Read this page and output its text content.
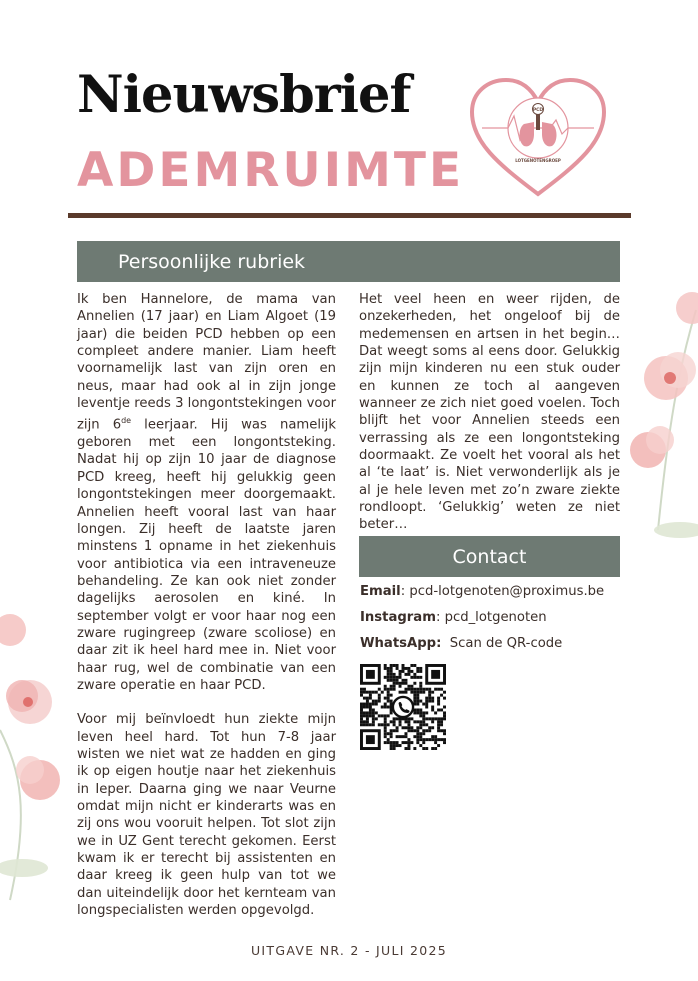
Nieuwsbrief
ADEMRUIMTE
PCD
LOTGENOTENGROEP
Persoonlijke rubriek

Ik ben Hannelore, de mama van Annelien (17 jaar) en Liam Algoet (19 jaar) die beiden PCD hebben op een compleet andere manier. Liam heeft voornamelijk last van zijn oren en neus, maar had ook al in zijn jonge leventje reeds 3 longontstekingen voor zijn 6de leerjaar. Hij was namelijk geboren met een longontsteking. Nadat hij op zijn 10 jaar de diagnose PCD kreeg, heeft hij gelukkig geen longontstekingen meer doorgemaakt. Annelien heeft vooral last van haar longen. Zij heeft de laatste jaren minstens 1 opname in het ziekenhuis voor antibiotica via een intraveneuze behandeling. Ze kan ook niet zonder dagelijks aerosolen en kiné. In september volgt er voor haar nog een zware rugingreep (zware scoliose) en daar zit ik heel hard mee in. Niet voor haar rug, wel de combinatie van een zware operatie en haar PCD.

Voor mij beïnvloedt hun ziekte mijn leven heel hard. Tot hun 7-8 jaar wisten we niet wat ze hadden en ging ik op eigen houtje naar het ziekenhuis in Ieper. Daarna ging we naar Veurne omdat mijn nicht er kinderarts was en zij ons wou vooruit helpen. Tot slot zijn we in UZ Gent terecht gekomen. Eerst kwam ik er terecht bij assistenten en daar kreeg ik geen hulp van tot we dan uiteindelijk door het kernteam van longspecialisten werden opgevolgd.

Het veel heen en weer rijden, de onzekerheden, het ongeloof bij de medemensen en artsen in het begin… Dat weegt soms al eens door. Gelukkig zijn mijn kinderen nu een stuk ouder en kunnen ze toch al aangeven wanneer ze zich niet goed voelen. Toch blijft het voor Annelien steeds een verrassing als ze een longontsteking doormaakt. Ze voelt het vooral als het al ‘te laat’ is. Niet verwonderlijk als je al je hele leven met zo’n zware ziekte rondloopt. ‘Gelukkig’ weten ze niet beter…

Contact
Email: pcd-lotgenoten@proximus.be
Instagram: pcd_lotgenoten
WhatsApp: Scan de QR-code
UITGAVE NR. 2 - JULI 2025
